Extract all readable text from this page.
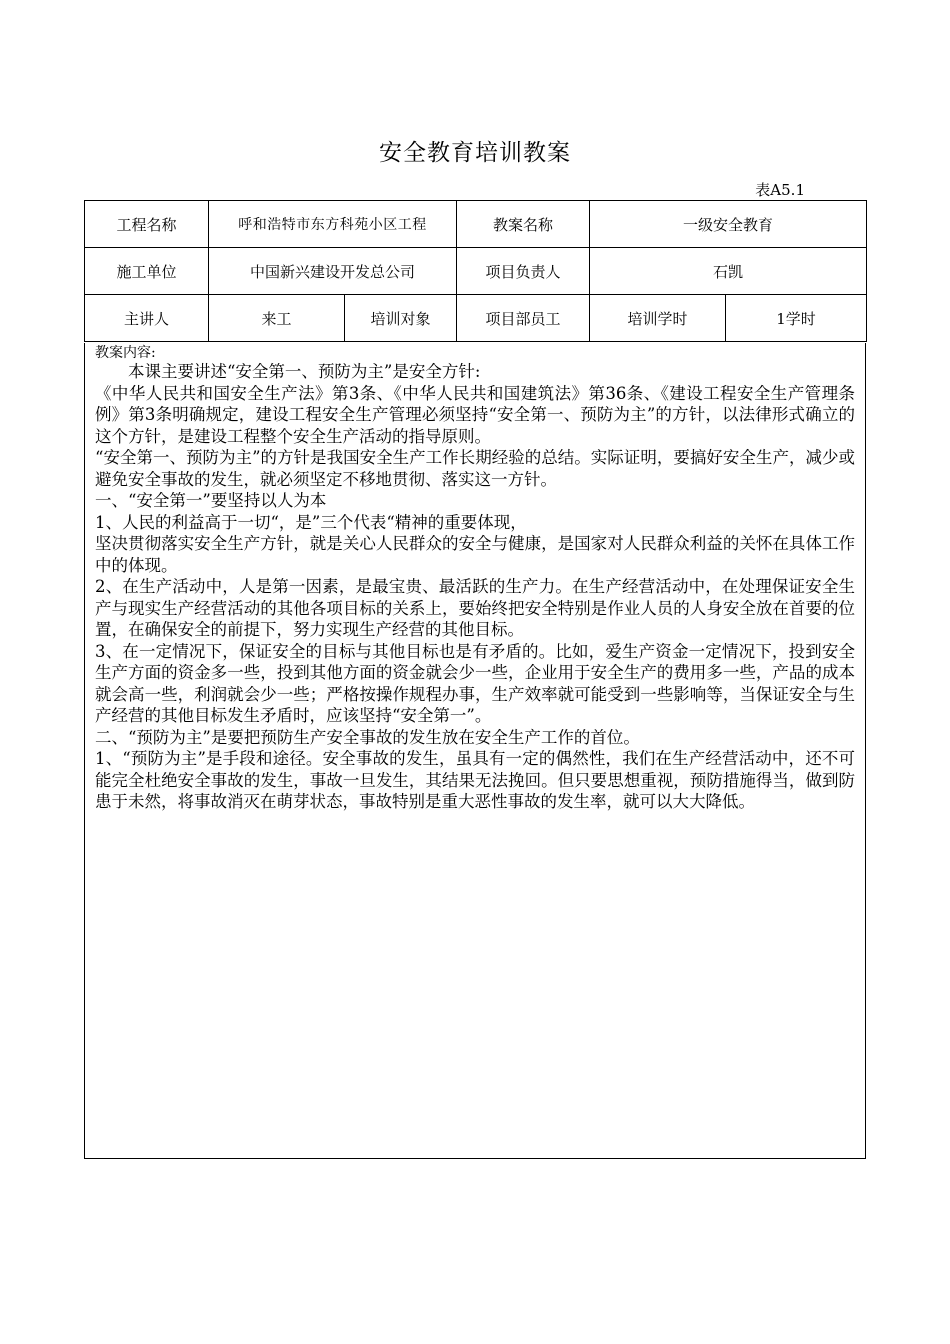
安全教育培训教案
表A5.1
工程名称	呼和浩特市东方科苑小区工程		教案名称	一级安全教育	
施工单位	中国新兴建设开发总公司		项目负责人	石凯	
主讲人	来工	培训对象	项目部员工	培训学时	1学时
教案内容:

本课主要讲述“安全第一、预防为主”是安全方针:

《中华人民共和国安全生产法》第3条、《中华人民共和国建筑法》第36条、《建设工程安全生产管理条例》第3条明确规定，建设工程安全生产管理必须坚持“安全第一、预防为主”的方针，以法律形式确立的这个方针，是建设工程整个安全生产活动的指导原则。

“安全第一、预防为主”的方针是我国安全生产工作长期经验的总结。实际证明，要搞好安全生产，减少或避免安全事故的发生，就必须坚定不移地贯彻、落实这一方针。

一、“安全第一”要坚持以人为本

1、人民的利益高于一切“，是”三个代表“精神的重要体现，

坚决贯彻落实安全生产方针，就是关心人民群众的安全与健康，是国家对人民群众利益的关怀在具体工作中的体现。

2、在生产活动中，人是第一因素，是最宝贵、最活跃的生产力。在生产经营活动中，在处理保证安全生产与现实生产经营活动的其他各项目标的关系上，要始终把安全特别是作业人员的人身安全放在首要的位置，在确保安全的前提下，努力实现生产经营的其他目标。

3、在一定情况下，保证安全的目标与其他目标也是有矛盾的。比如，爱生产资金一定情况下，投到安全生产方面的资金多一些，投到其他方面的资金就会少一些，企业用于安全生产的费用多一些，产品的成本就会高一些，利润就会少一些；严格按操作规程办事，生产效率就可能受到一些影响等，当保证安全与生产经营的其他目标发生矛盾时，应该坚持“安全第一”。

二、“预防为主”是要把预防生产安全事故的发生放在安全生产工作的首位。

1、“预防为主”是手段和途径。安全事故的发生，虽具有一定的偶然性，我们在生产经营活动中，还不可能完全杜绝安全事故的发生，事故一旦发生，其结果无法挽回。但只要思想重视，预防措施得当，做到防患于未然，将事故消灭在萌芽状态，事故特别是重大恶性事故的发生率，就可以大大降低。
